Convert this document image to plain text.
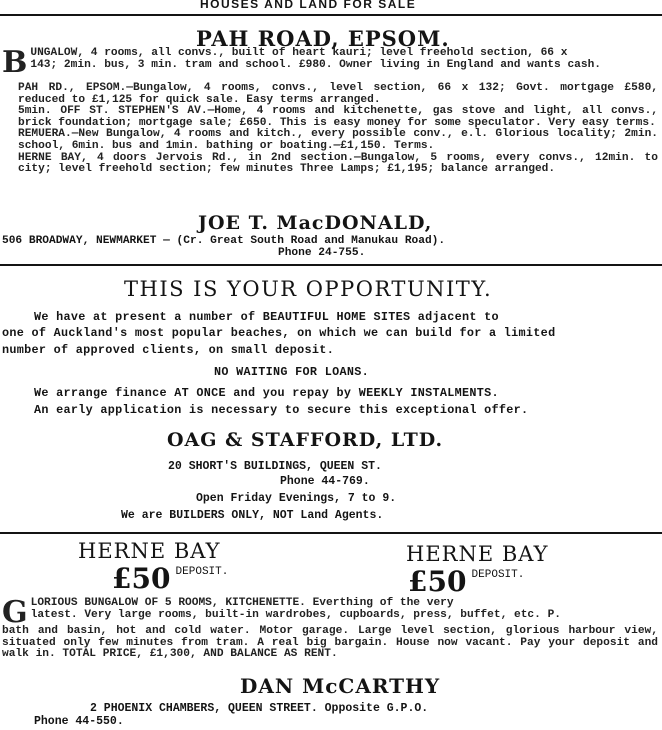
HOUSES AND LAND FOR SALE
PAH ROAD, EPSOM.
B UNGALOW, 4 rooms, all convs., built of heart kauri; level freehold section, 66 x
143; 2min. bus, 3 min. tram and school. £980. Owner living in England and wants cash.
PAH RD., EPSOM.—Bungalow, 4 rooms, convs., level section, 66 x 132; Govt. mortgage £580, reduced to £1,125 for quick sale. Easy terms arranged.
5min. OFF ST. STEPHEN'S AV.—Home, 4 rooms and kitchenette, gas stove and light, all convs., brick foundation; mortgage sale; £650. This is easy money for some speculator. Very easy terms.
REMUERA.—New Bungalow, 4 rooms and kitch., every possible conv., e.l. Glorious locality; 2min. school, 6min. bus and 1min. bathing or boating.—£1,150. Terms.
HERNE BAY, 4 doors Jervois Rd., in 2nd section.—Bungalow, 5 rooms, every convs., 12min. to city; level freehold section; few minutes Three Lamps; £1,195; balance arranged.
JOE T. MacDONALD,
506 BROADWAY, NEWMARKET — (Cr. Great South Road and Manukau Road).
Phone 24-755.
THIS IS YOUR OPPORTUNITY.
We have at present a number of BEAUTIFUL HOME SITES adjacent to
one of Auckland's most popular beaches, on which we can build for a limited
number of approved clients, on small deposit.
NO WAITING FOR LOANS.
We arrange finance AT ONCE and you repay by WEEKLY INSTALMENTS.
An early application is necessary to secure this exceptional offer.
OAG & STAFFORD, LTD.
20 SHORT'S BUILDINGS, QUEEN ST.
Phone 44-769.
Open Friday Evenings, 7 to 9.
We are BUILDERS ONLY, NOT Land Agents.
HERNE BAY	HERNE BAY
£50 $^{DEPOSIT.}$	£50 $^{DEPOSIT.}$
G LORIOUS BUNGALOW OF 5 ROOMS, KITCHENETTE. Everthing of the very
latest. Very large rooms, built-in wardrobes, cupboards, press, buffet, etc. P.
bath and basin, hot and cold water. Motor garage. Large level section, glorious harbour view, situated only few minutes from tram. A real big bargain. House now vacant. Pay your deposit and walk in. TOTAL PRICE, £1,300, AND BALANCE AS RENT.
DAN McCARTHY
2 PHOENIX CHAMBERS, QUEEN STREET. Opposite G.P.O.
Phone 44-550.
